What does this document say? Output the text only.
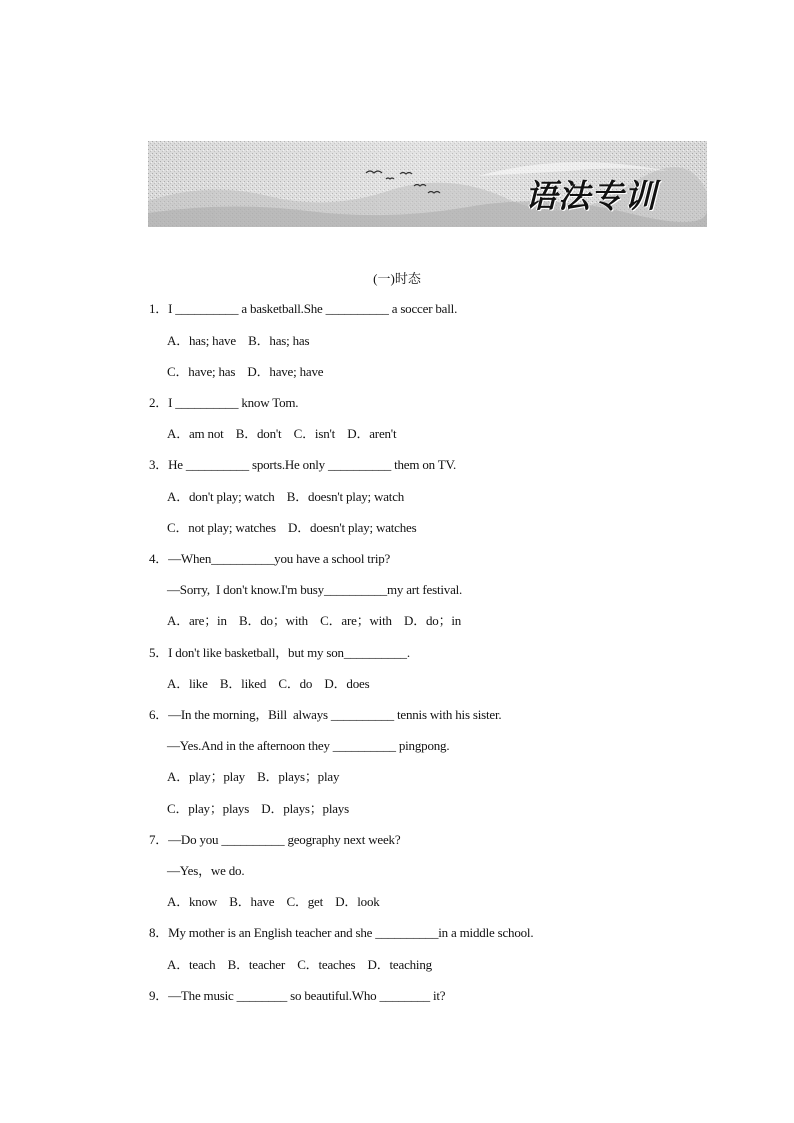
语法专训
(一)时态
1．I __________ a basketball.She __________ a soccer ball.
A．has; have    B．has; has
C．have; has    D．have; have
2．I __________ know Tom.
A．am not    B．don't    C．isn't    D．aren't
3．He __________ sports.He only __________ them on TV.
A．don't play; watch    B．doesn't play; watch
C．not play; watches    D．doesn't play; watches
4．—When__________you have a school trip?
—Sorry,  I don't know.I'm busy__________my art festival.
A．are；in    B．do；with    C．are；with    D．do；in
5．I don't like basketball，but my son__________.
A．like    B．liked    C．do    D．does
6．—In the morning，Bill  always __________ tennis with his sister.
—Yes.And in the afternoon they __________ pingpong.
A．play；play    B．plays；play
C．play；plays    D．plays；plays
7．—Do you __________ geography next week?
—Yes，we do.
A．know    B．have    C．get    D．look
8．My mother is an English teacher and she __________in a middle school.
A．teach    B．teacher    C．teaches    D．teaching
9．—The music ________ so beautiful.Who ________ it?
